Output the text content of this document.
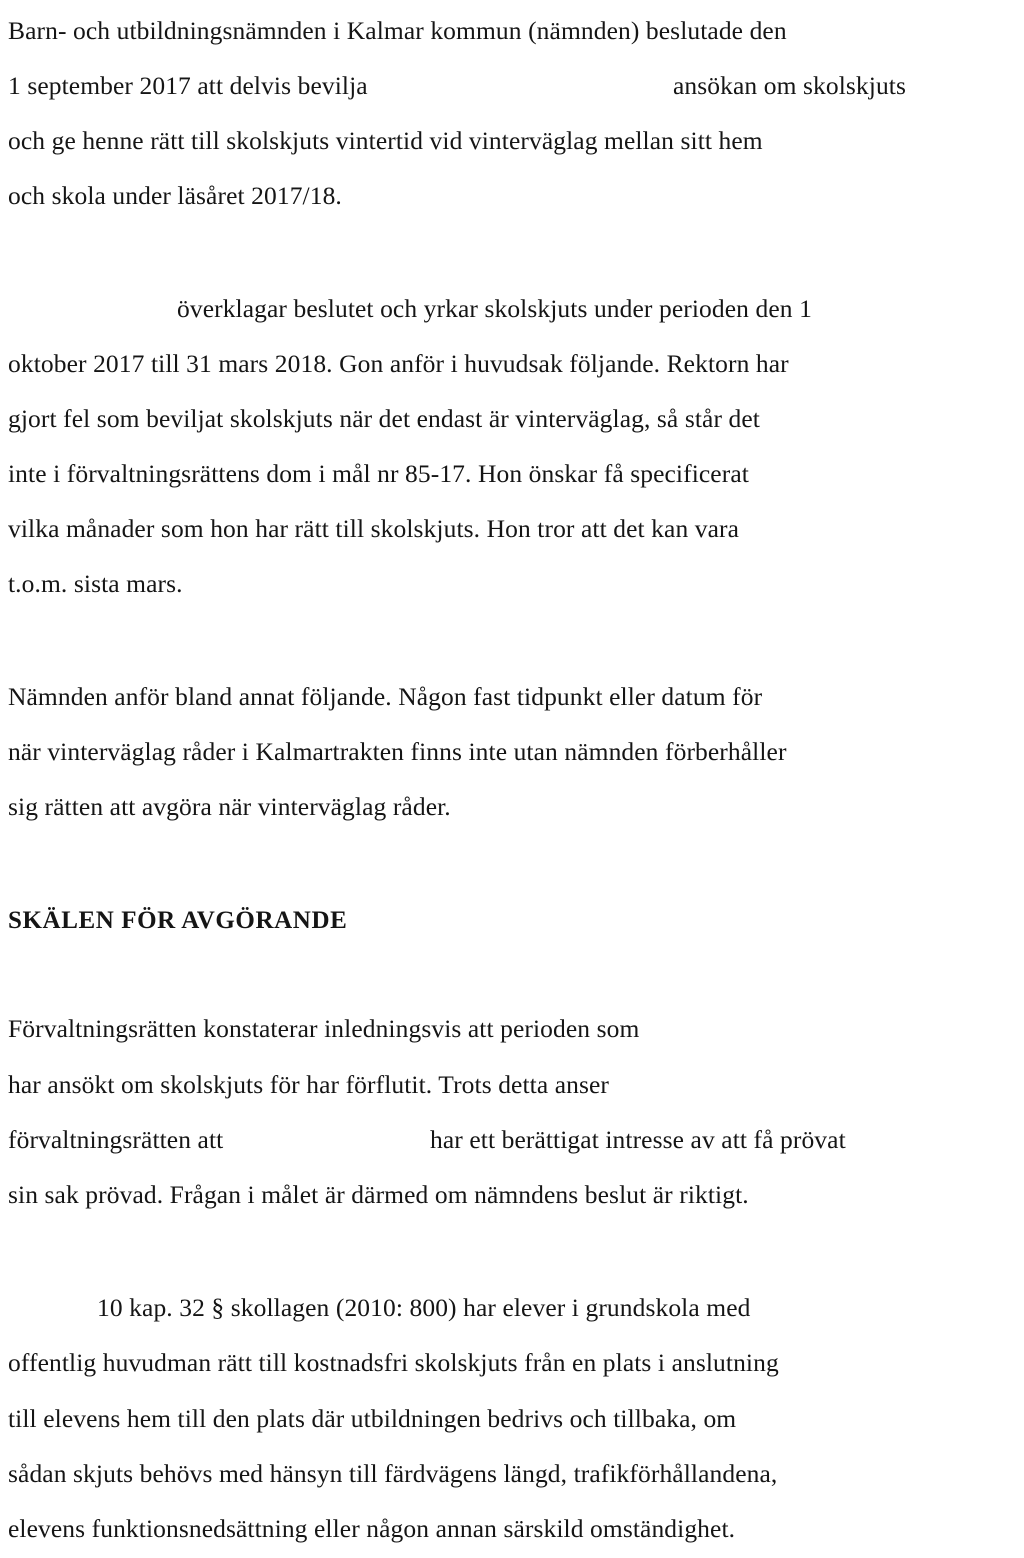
Barn- och utbildningsnämnden i Kalmar kommun (nämnden) beslutade den
1 september 2017 att delvis bevilja	ansökan om skolskjuts
och ge henne rätt till skolskjuts vintertid vid vinterväglag mellan sitt hem
och skola under läsåret 2017/18.
överklagar beslutet och yrkar skolskjuts under perioden den 1
oktober 2017 till 31 mars 2018. Gon anför i huvudsak följande. Rektorn har
gjort fel som beviljat skolskjuts när det endast är vinterväglag, så står det
inte i förvaltningsrättens dom i mål nr 85-17. Hon önskar få specificerat
vilka månader som hon har rätt till skolskjuts. Hon tror att det kan vara
t.o.m. sista mars.
Nämnden anför bland annat följande. Någon fast tidpunkt eller datum för
när vinterväglag råder i Kalmartrakten finns inte utan nämnden förberhåller
sig rätten att avgöra när vinterväglag råder.
SKÄLEN FÖR AVGÖRANDE
Förvaltningsrätten konstaterar inledningsvis att perioden som
har ansökt om skolskjuts för har förflutit. Trots detta anser
förvaltningsrätten att	har ett berättigat intresse av att få prövat
sin sak prövad. Frågan i målet är därmed om nämndens beslut är riktigt.
10 kap. 32 § skollagen (2010: 800) har elever i grundskola med
offentlig huvudman rätt till kostnadsfri skolskjuts från en plats i anslutning
till elevens hem till den plats där utbildningen bedrivs och tillbaka, om
sådan skjuts behövs med hänsyn till färdvägens längd, trafikförhållandena,
elevens funktionsnedsättning eller någon annan särskild omständighet.
